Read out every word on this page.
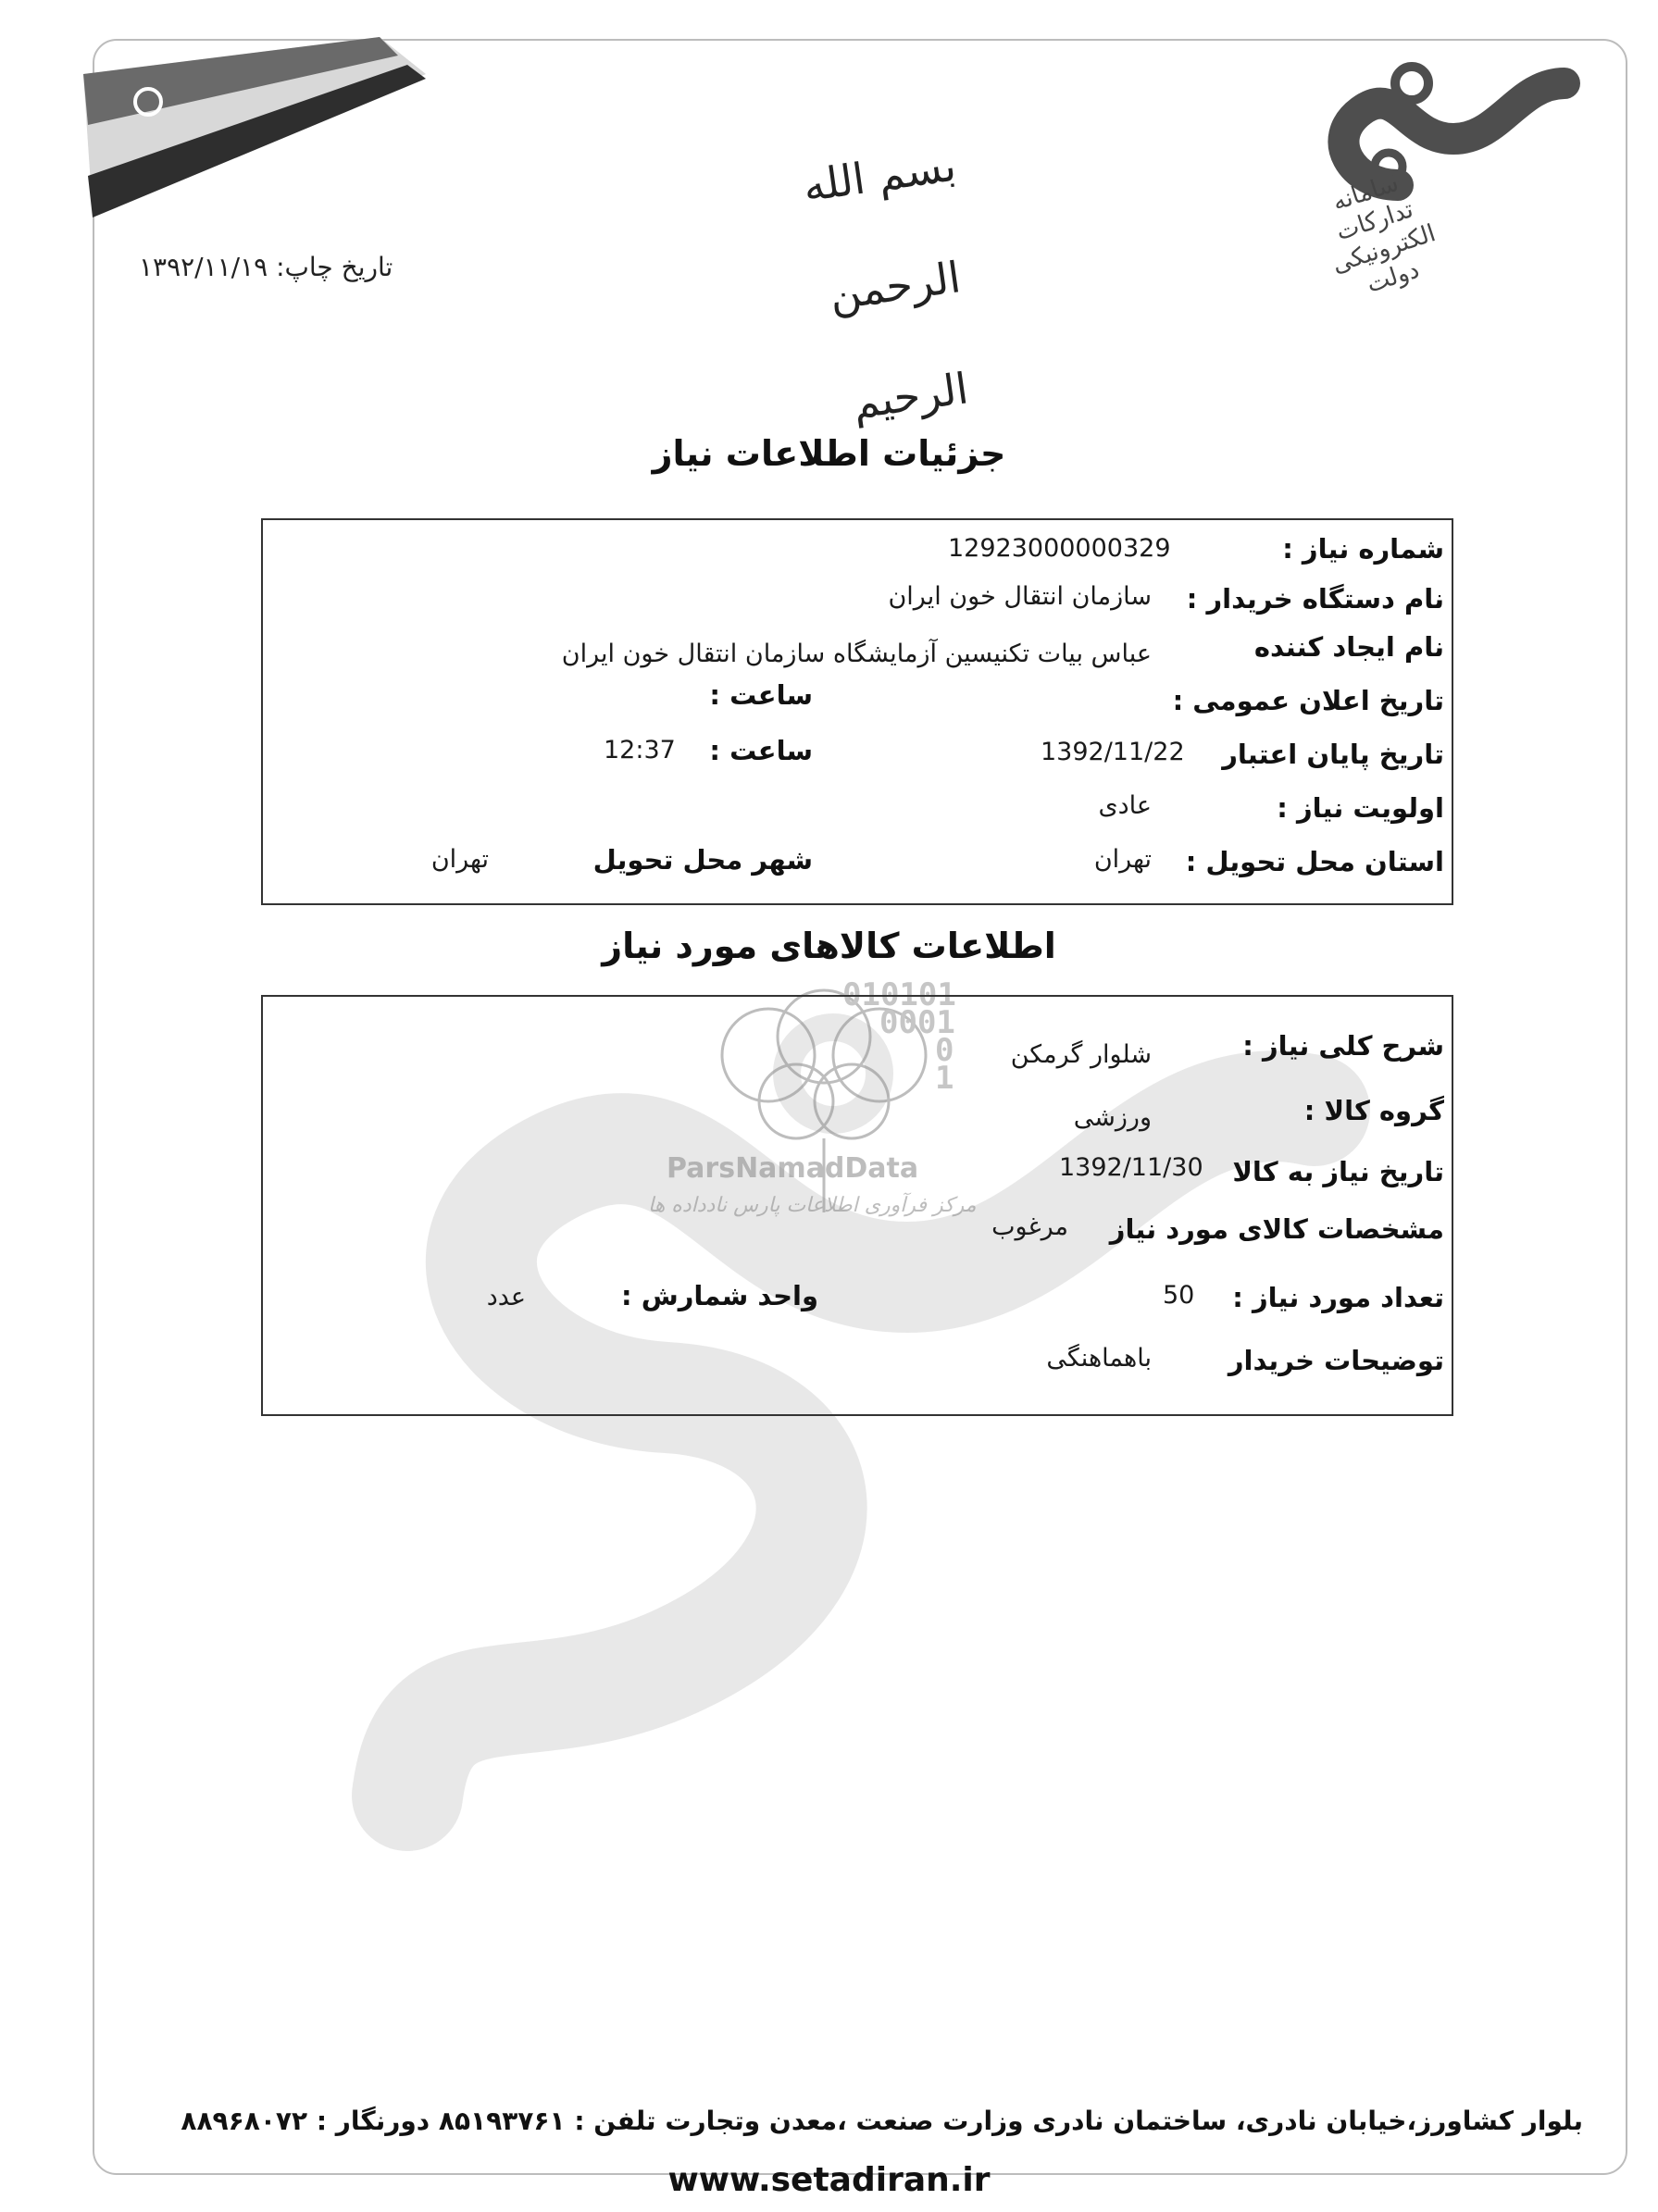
بسم الله الرحمن الرحیم
سامانه تدارکات الکترونیکی دولت
تاریخ چاپ: ۱۳۹۲/۱۱/۱۹
010101
0001
0
1
ParsNamadData
مرکز فرآوری اطلاعات پارس نادداده ها
جزئیات اطلاعات نیاز
شماره نیاز :
12923000000329
نام دستگاه خریدار :
سازمان انتقال خون ایران
نام ایجاد کننده
عباس بیات تکنیسین آزمایشگاه سازمان انتقال خون ایران
تاریخ اعلان عمومی :
ساعت :
تاریخ پایان اعتبار
1392/11/22
ساعت :
12:37
اولویت نیاز :
عادی
استان محل تحویل :
تهران
شهر محل تحویل
تهران
اطلاعات کالاهای مورد نیاز
شرح کلی نیاز :
شلوار گرمکن
گروه کالا :
ورزشی
تاریخ نیاز به کالا
1392/11/30
مشخصات کالای مورد نیاز
مرغوب
تعداد مورد نیاز :
50
واحد شمارش :
عدد
توضیحات خریدار
باهماهنگی
بلوار کشاورز،خیابان نادری، ساختمان نادری وزارت صنعت ،معدن وتجارت تلفن : ۸۵۱۹۳۷۶۱ دورنگار : ۸۸۹۶۸۰۷۲
www.setadiran.ir
